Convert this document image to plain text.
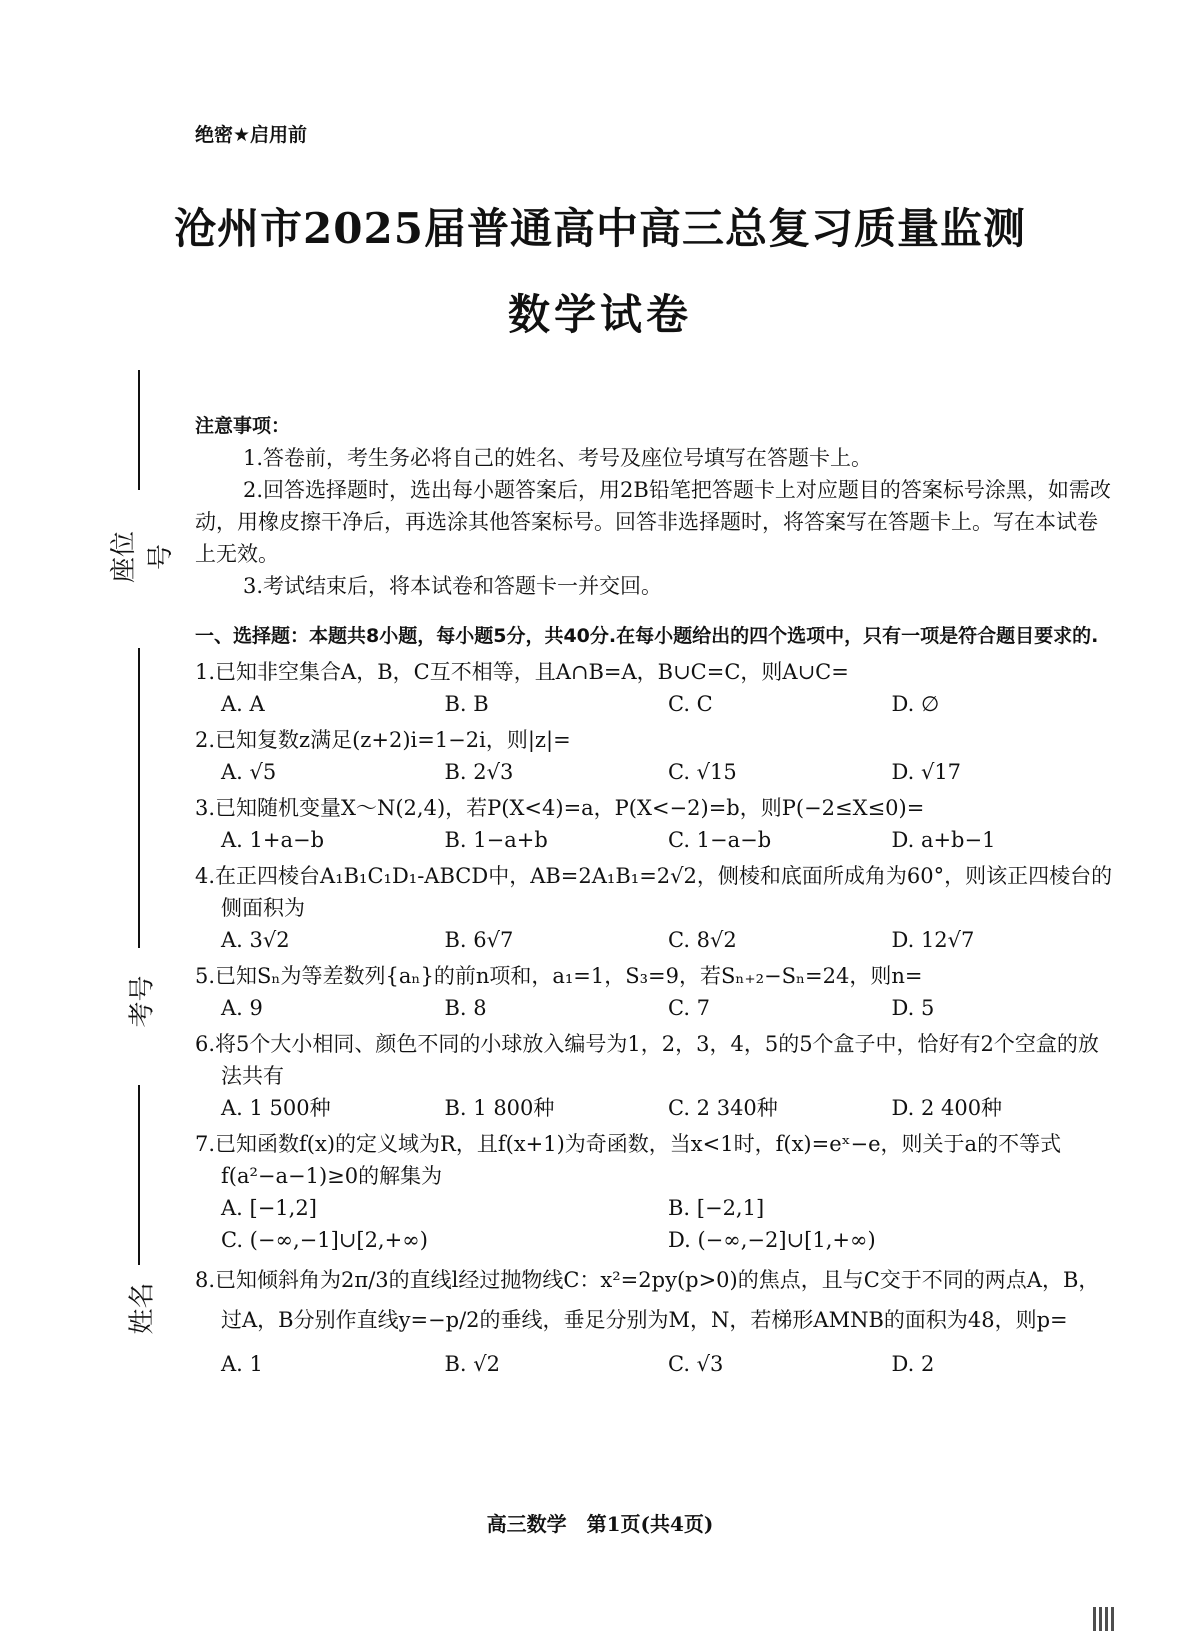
绝密★启用前
沧州市2025届普通高中高三总复习质量监测
数学试卷
座位号
考号
姓名
注意事项：

1.答卷前，考生务必将自己的姓名、考号及座位号填写在答题卡上。

2.回答选择题时，选出每小题答案后，用2B铅笔把答题卡上对应题目的答案标号涂黑，如需改动，用橡皮擦干净后，再选涂其他答案标号。回答非选择题时，将答案写在答题卡上。写在本试卷上无效。

3.考试结束后，将本试卷和答题卡一并交回。

一、选择题：本题共8小题，每小题5分，共40分.在每小题给出的四个选项中，只有一项是符合题目要求的.
1.已知非空集合A，B，C互不相等，且A∩B=A，B∪C=C，则A∪C=
A. A	B. B	C. C	D. ∅
2.已知复数z满足(z+2)i=1−2i，则|z|=
A. √5	B. 2√3	C. √15	D. √17
3.已知随机变量X～N(2,4)，若P(X<4)=a，P(X<−2)=b，则P(−2≤X≤0)=
A. 1+a−b	B. 1−a+b	C. 1−a−b	D. a+b−1
4.在正四棱台A₁B₁C₁D₁-ABCD中，AB=2A₁B₁=2√2，侧棱和底面所成角为60°，则该正四棱台的侧面积为
A. 3√2	B. 6√7	C. 8√2	D. 12√7
5.已知Sₙ为等差数列{aₙ}的前n项和，a₁=1，S₃=9，若Sₙ₊₂−Sₙ=24，则n=
A. 9	B. 8	C. 7	D. 5
6.将5个大小相同、颜色不同的小球放入编号为1，2，3，4，5的5个盒子中，恰好有2个空盒的放法共有
A. 1 500种	B. 1 800种	C. 2 340种	D. 2 400种
7.已知函数f(x)的定义域为R，且f(x+1)为奇函数，当x<1时，f(x)=eˣ−e，则关于a的不等式f(a²−a−1)≥0的解集为
A. [−1,2]	B. [−2,1]
C. (−∞,−1]∪[2,+∞)	D. (−∞,−2]∪[1,+∞)
8.已知倾斜角为2π/3的直线l经过抛物线C：x²=2py(p>0)的焦点，且与C交于不同的两点A，B，过A，B分别作直线y=−p/2的垂线，垂足分别为M，N，若梯形AMNB的面积为48，则p=
A. 1	B. √2	C. √3	D. 2
高三数学　第1页(共4页)
